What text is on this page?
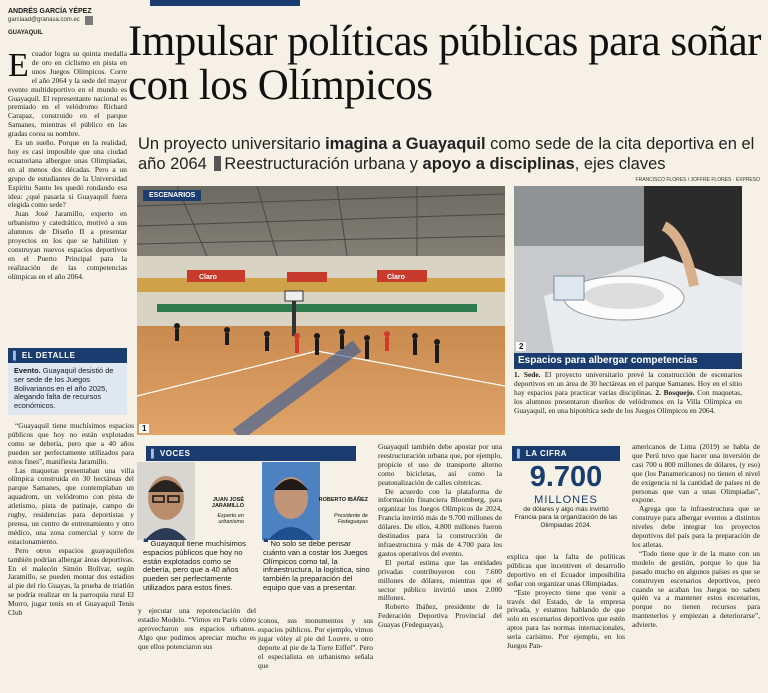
ANDRÉS GARCÍA YÉPEZ
garciaad@granasa.com.ec
GUAYAQUIL Impulsar políticas públicas para soñar con los Olímpicos
Un proyecto universitario imagina a Guayaquil como sede de la cita deportiva en el año 2064 Reestructuración urbana y apoyo a disciplinas, ejes claves
FRANCISCO FLORES / JOFFRE FLORES · EXPRESO
E cuador logra su quinta medalla de oro en ciclismo en pista en unos Juegos Olímpicos. Corre el año 2064 y la sede del mayor evento multideportivo en el mundo es Guayaquil. El representante nacional es premiado en el velódromo Richard Carapaz, construido en el parque Samanes, mientras el público en las gradas corea su nombre.

Es un sueño. Porque en la realidad, hoy es casi imposible que una ciudad ecuatoriana albergue unas Olimpiadas, en al menos dos décadas. Pero a un grupo de estudiantes de la Universidad Espíritu Santo les quedó rondando esa idea: ¿qué pasaría si Guayaquil fuera elegida como sede?

Juan José Jaramillo, experto en urbanismo y catedrático, motivó a sus alumnos de Diseño II a presentar proyectos en los que se habiliten y construyan nuevos espacios deportivos en el Puerto Principal para la realización de las competencias olímpicas en el año 2064.

▌ EL DETALLE
Evento. Guayaquil desistió de ser sede de los Juegos Bolivarianos en el año 2025, alegando falta de recursos económicos.

“Guayaquil tiene muchísimos espacios públicos que hoy no están explotados como se debería, pero que a 40 años pueden ser perfectamente utilizados para estos fines”, manifiesta Jaramillo.

Las maquetas presentaban una villa olímpica construida en 30 hectáreas del parque Samanes, que contemplaban un aquadrom, un velódromo con pista de atletismo, pista de patinaje, campo de rugby, residencias para deportistas y prensa, un centro de entrenamiento y otro médico, una zona comercial y torre de estacionamiento.

Pero otros espacios guayaquileños también podrían albergar áreas deportivas. En el malecón Simón Bolívar, según Jaramillo, se pueden montar dos estadios al pie del río Guayas, la prueba de triatlón se podría realizar en la parroquia rural El Morro, jugar tenis en el Guayaquil Tenis Club

Claro	Claro
ESCENARIOS
1
2
Espacios para albergar competencias
1. Sede. El proyecto universitario prevé la construcción de escenarios deportivos en un área de 30 hectáreas en el parque Samanes. Hoy en el sitio hay espacios para practicar varias disciplinas. 2. Bosquejo. Con maquetas, los alumnos presentaron diseños de velódromos en la Villa Olímpica en Guayaquil, en una hipotética sede de los Juegos Olímpicos en 2064.
▌ VOCES
JUAN JOSÉ JARAMILLO
Experto en urbanismo
ROBERTO IBÁÑEZ
Presidente de Fedeguayas
❝ Guayaquil tiene muchísimos espacios públicos que hoy no están explotados como se debería, pero que a 40 años pueden ser perfectamente utilizados para estos fines.
❝ No solo se debe pensar cuánto van a costar los Juegos Olímpicos como tal, la infraestructura, la logística, sino también la preparación del equipo que vas a presentar.

y ejecutar una repotenciación del estadio Modelo. “Vimos en París cómo aprovecharon sus espacios urbanos. Algo que pudimos apreciar mucho es que ellos potenciaron sus

íconos, sus monumentos y sus espacios públicos. Por ejemplo, vimos jugar vóley al pie del Louvre, u otro deporte al pie de la Torre Eiffel”. Pero el especialista en urbanismo señala que

Guayaquil también debe apostar por una reestructuración urbana que, por ejemplo, propicie el uso de transporte alterno como bicicletas, así como la peatonalización de calles céntricas.

De acuerdo con la plataforma de información financiera Bloomberg, para organizar los Juegos Olímpicos de 2024, Francia invirtió más de 9.700 millones de dólares. De ellos, 4.800 millones fueron destinados para la construcción de infraestructura y más de 4.700 para los gastos operativos del evento.

El portal estima que las entidades privadas contribuyeron con 7.600 millones de dólares, mientras que el sector público invirtió unos 2.000 millones.

Roberto Ibáñez, presidente de la Federación Deportiva Provincial del Guayas (Fedeguayas),

▌ LA CIFRA
9.700
MILLONES
de dólares y algo más invirtió Francia para la organización de las Olimpiadas 2024.

explica que la falta de políticas públicas que incentiven el desarrollo deportivo en el Ecuador imposibilita soñar con organizar unas Olimpiadas.

“Este proyecto tiene que venir a través del Estado, de la empresa privada, y estamos hablando de que solo en escenarios deportivos que estén aptos para las normas internacionales, sería carísimo. Por ejemplo, en los Juegos Pan-

americanos de Lima (2019) se habla de que Perú tuvo que hacer una inversión de casi 700 u 800 millones de dólares, (y eso) que (los Panamericanos) no tienen el nivel de exigencia ni la cantidad de países ni de personas que van a unas Olimpiadas”, expone.

Agrega que la infraestructura que se construye para albergar eventos a distintos niveles debe integrar los proyectos deportivos del país para la preparación de los atletas.

“Todo tiene que ir de la mano con un modelo de gestión, porque lo que ha pasado mucho en algunos países es que se construyen escenarios deportivos, pero cuando se acaban los Juegos no saben quién va a mantener estos escenarios, porque no tienen recursos para mantenerlos y empiezan a deteriorarse”, advierte.
